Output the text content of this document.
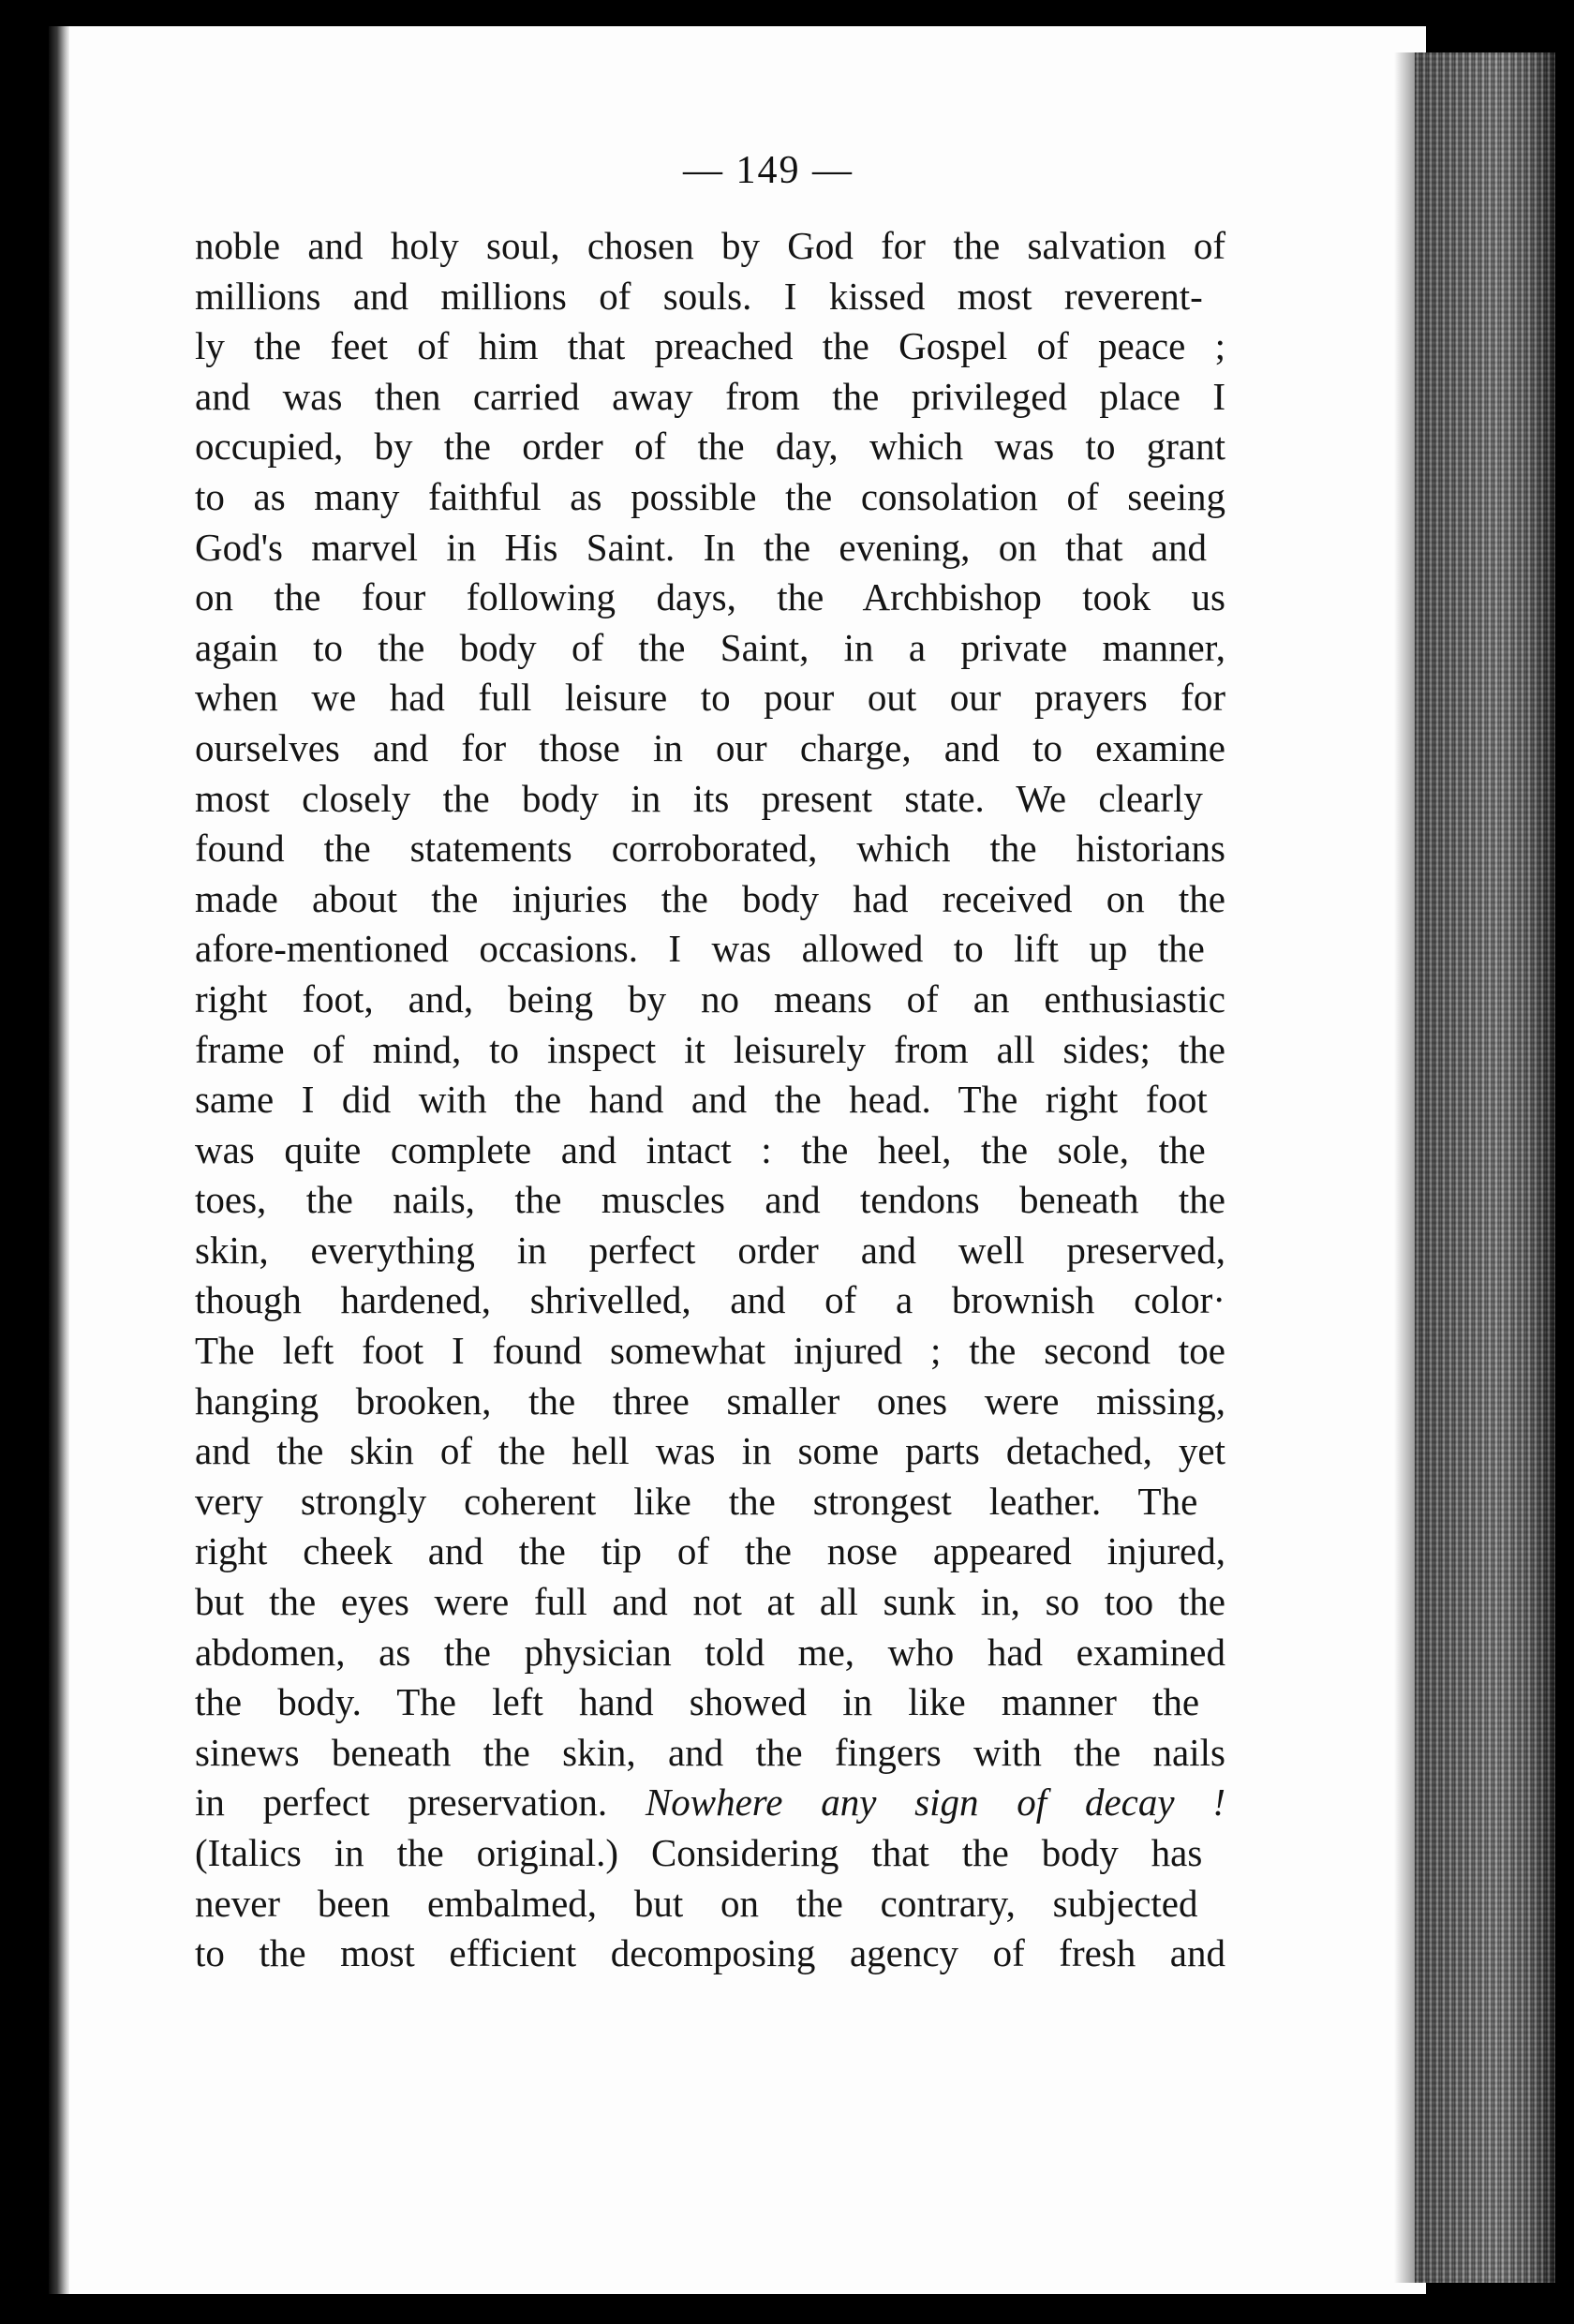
— 149 —
noble and holy soul, chosen by God for the salvation of
millions and millions of souls. I kissed most reverent-
ly the feet of him that preached the Gospel of peace ;
and was then carried away from the privileged place I
occupied, by the order of the day, which was to grant
to as many faithful as possible the consolation of seeing
God's marvel in His Saint. In the evening, on that and
on the four following days, the Archbishop took us
again to the body of the Saint, in a private manner,
when we had full leisure to pour out our prayers for
ourselves and for those in our charge, and to examine
most closely the body in its present state. We clearly
found the statements corroborated, which the historians
made about the injuries the body had received on the
afore-mentioned occasions. I was allowed to lift up the
right foot, and, being by no means of an enthusiastic
frame of mind, to inspect it leisurely from all sides; the
same I did with the hand and the head. The right foot
was quite complete and intact : the heel, the sole, the
toes, the nails, the muscles and tendons beneath the
skin, everything in perfect order and well preserved,
though hardened, shrivelled, and of a brownish color·
The left foot I found somewhat injured ; the second toe
hanging brooken, the three smaller ones were missing,
and the skin of the hell was in some parts detached, yet
very strongly coherent like the strongest leather. The
right cheek and the tip of the nose appeared injured,
but the eyes were full and not at all sunk in, so too the
abdomen, as the physician told me, who had examined
the body. The left hand showed in like manner the
sinews beneath the skin, and the fingers with the nails
in perfect preservation. Nowhere any sign of decay !
(Italics in the original.) Considering that the body has
never been embalmed, but on the contrary, subjected
to the most efficient decomposing agency of fresh and
